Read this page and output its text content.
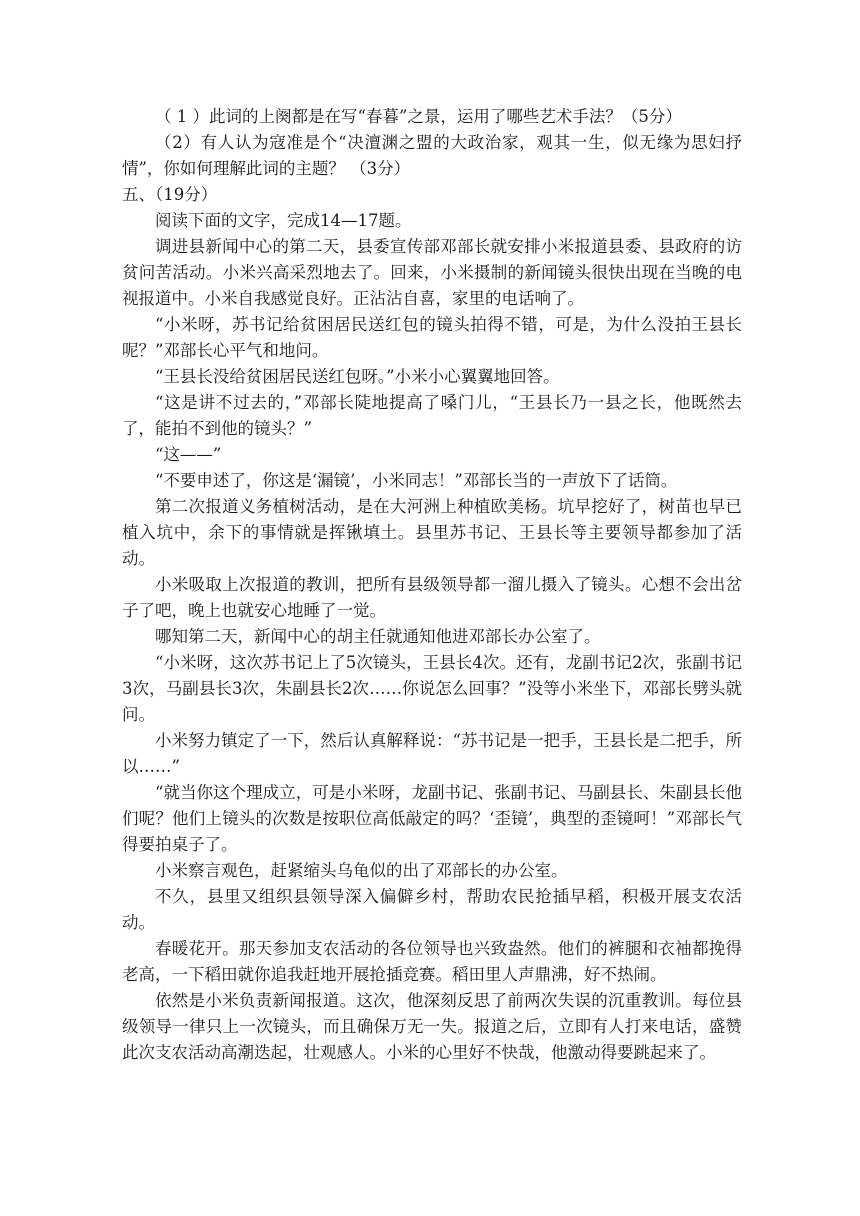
（ 1 ）此词的上阕都是在写“春暮”之景，运用了哪些艺术手法？（5分）

（2）有人认为寇准是个“决澶渊之盟的大政治家，观其一生，似无缘为思妇抒情”，你如何理解此词的主题？ （3分）

五、（19分）

阅读下面的文字，完成14—17题。

调进县新闻中心的第二天，县委宣传部邓部长就安排小米报道县委、县政府的访贫问苦活动。小米兴高采烈地去了。回来，小米摄制的新闻镜头很快出现在当晚的电视报道中。小米自我感觉良好。正沾沾自喜，家里的电话响了。

“小米呀，苏书记给贫困居民送红包的镜头拍得不错，可是，为什么没拍王县长呢？”邓部长心平气和地问。

“王县长没给贫困居民送红包呀。”小米小心翼翼地回答。

“这是讲不过去的，”邓部长陡地提高了嗓门儿，“王县长乃一县之长，他既然去了，能拍不到他的镜头？”

“这——”

“不要申述了，你这是‘漏镜’，小米同志！”邓部长当的一声放下了话筒。

第二次报道义务植树活动，是在大河洲上种植欧美杨。坑早挖好了，树苗也早已植入坑中，余下的事情就是挥锹填土。县里苏书记、王县长等主要领导都参加了活动。

小米吸取上次报道的教训，把所有县级领导都一溜儿摄入了镜头。心想不会出岔子了吧，晚上也就安心地睡了一觉。

哪知第二天，新闻中心的胡主任就通知他进邓部长办公室了。

“小米呀，这次苏书记上了5次镜头，王县长4次。还有，龙副书记2次，张副书记3次，马副县长3次，朱副县长2次……你说怎么回事？”没等小米坐下，邓部长劈头就问。

小米努力镇定了一下，然后认真解释说：“苏书记是一把手，王县长是二把手，所以……”

“就当你这个理成立，可是小米呀，龙副书记、张副书记、马副县长、朱副县长他们呢？他们上镜头的次数是按职位高低敲定的吗？‘歪镜’，典型的歪镜呵！”邓部长气得要拍桌子了。

小米察言观色，赶紧缩头乌龟似的出了邓部长的办公室。

不久，县里又组织县领导深入偏僻乡村，帮助农民抢插早稻，积极开展支农活动。

春暖花开。那天参加支农活动的各位领导也兴致盎然。他们的裤腿和衣袖都挽得老高，一下稻田就你追我赶地开展抢插竞赛。稻田里人声鼎沸，好不热闹。

依然是小米负责新闻报道。这次，他深刻反思了前两次失误的沉重教训。每位县级领导一律只上一次镜头，而且确保万无一失。报道之后，立即有人打来电话，盛赞此次支农活动高潮迭起，壮观感人。小米的心里好不快哉，他激动得要跳起来了。
